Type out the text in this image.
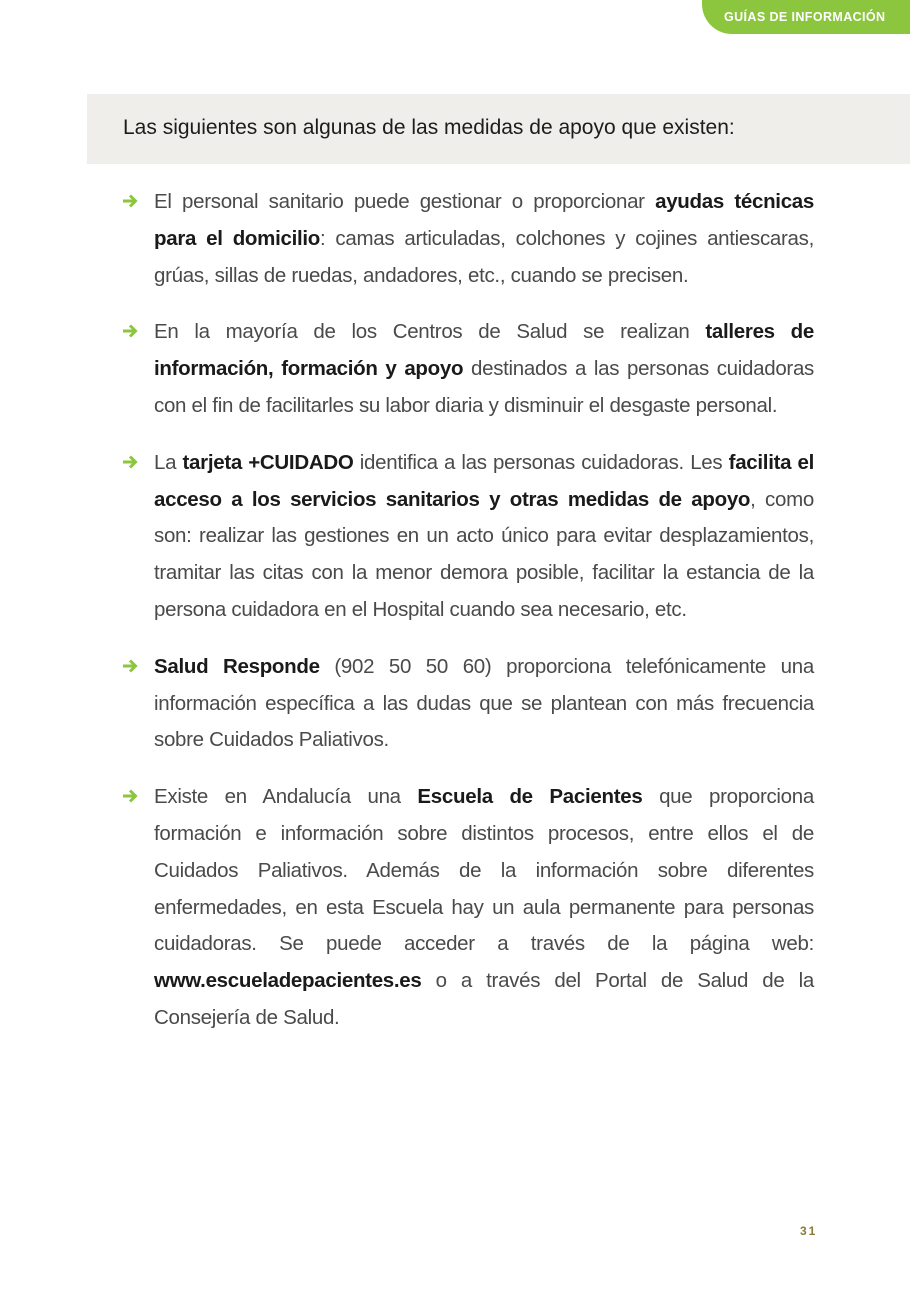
GUÍAS DE INFORMACIÓN
Las siguientes son algunas de las medidas de apoyo que existen:
El personal sanitario puede gestionar o proporcionar ayudas técnicas para el domicilio: camas articuladas, colchones y cojines antiescaras, grúas, sillas de ruedas, andadores, etc., cuando se precisen.
En la mayoría de los Centros de Salud se realizan talleres de información, formación y apoyo destinados a las personas cuidadoras con el fin de facilitarles su labor diaria y disminuir el desgaste personal.
La tarjeta +CUIDADO identifica a las personas cuidadoras. Les facilita el acceso a los servicios sanitarios y otras medidas de apoyo, como son: realizar las gestiones en un acto único para evitar desplazamientos, tramitar las citas con la menor demora posible, facilitar la estancia de la persona cuidadora en el Hospital cuando sea necesario, etc.
Salud Responde (902 50 50 60) proporciona telefónicamente una información específica a las dudas que se plantean con más frecuencia sobre Cuidados Paliativos.
Existe en Andalucía una Escuela de Pacientes que proporciona formación e información sobre distintos procesos, entre ellos el de Cuidados Paliativos. Además de la información sobre diferentes enfermedades, en esta Escuela hay un aula permanente para personas cuidadoras. Se puede acceder a través de la página web: www.escueladepacientes.es o a través del Portal de Salud de la Consejería de Salud.
31
